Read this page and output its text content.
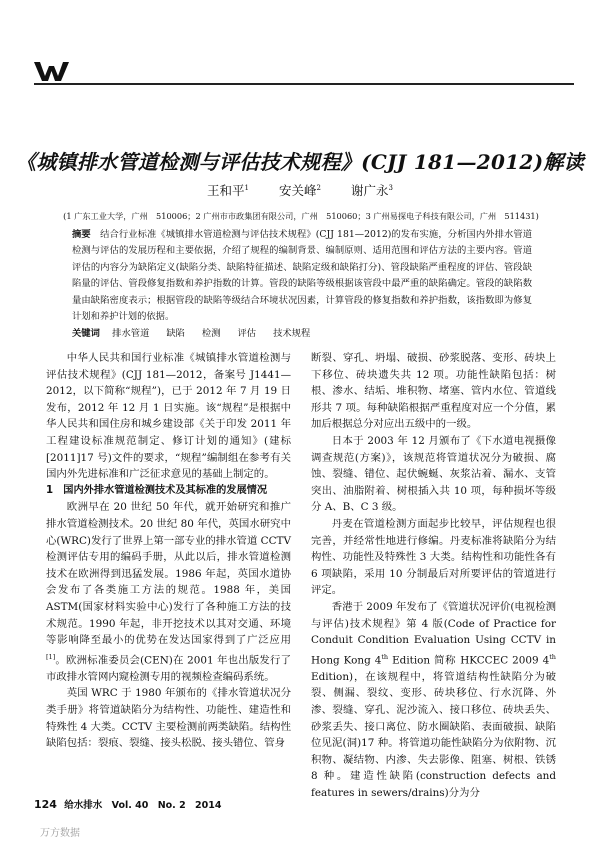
《城镇排水管道检测与评估技术规程》(CJJ 181—2012)解读
王和平$^1$ 安关峰$^2$ 谢广永$^3$
(1 广东工业大学，广州　510006；2 广州市市政集团有限公司，广州　510060；3 广州易探电子科技有限公司，广州　511431)
摘要　 结合行业标准《城镇排水管道检测与评估技术规程》(CJJ 181—2012)的发布实施，分析国内外排水管道检测与评估的发展历程和主要依据，介绍了规程的编制背景、编制原则、适用范围和评估方法的主要内容。管道评估的内容分为缺陷定义(缺陷分类、缺陷特征描述、缺陷定级和缺陷打分)、管段缺陷严重程度的评估、管段缺陷量的评估、管段修复指数和养护指数的计算。管段的缺陷等级根据该管段中最严重的缺陷确定。管段的缺陷数量由缺陷密度表示；根据管段的缺陷等级结合环境状况因素，计算管段的修复指数和养护指数，该指数即为修复计划和养护计划的依据。
关键词　 排水管道 缺陷 检测 评估 技术规程

中华人民共和国行业标准《城镇排水管道检测与评估技术规程》(CJJ 181—2012，备案号 J1441—2012，以下简称“规程”)，已于 2012 年 7 月 19 日发布，2012 年 12 月 1 日实施。该“规程”是根据中华人民共和国住房和城乡建设部《关于印发 2011 年工程建设标准规范制定、修订计划的通知》(建标[2011]17 号)文件的要求，“规程”编制组在参考有关国内外先进标准和广泛征求意见的基础上制定的。

1　国内外排水管道检测技术及其标准的发展情况

欧洲早在 20 世纪 50 年代，就开始研究和推广排水管道检测技术。20 世纪 80 年代，英国水研究中心(WRC)发行了世界上第一部专业的排水管道 CCTV 检测评估专用的编码手册，从此以后，排水管道检测技术在欧洲得到迅猛发展。1986 年起，英国水道协会发布了各类施工方法的规范。1988 年，美国 ASTM(国家材料实验中心)发行了各种施工方法的技术规范。1990 年起，非开挖技术以其对交通、环境等影响降至最小的优势在发达国家得到了广泛应用[1]。欧洲标准委员会(CEN)在 2001 年也出版发行了市政排水管网内窥检测专用的视频检查编码系统。

英国 WRC 于 1980 年颁布的《排水管道状况分类手册》将管道缺陷分为结构性、功能性、建造性和特殊性 4 大类。CCTV 主要检测前两类缺陷。结构性缺陷包括：裂痕、裂缝、接头松脱、接头错位、管身

断裂、穿孔、坍塌、破损、砂浆脱落、变形、砖块上下移位、砖块遗失共 12 项。功能性缺陷包括：树根、渗水、结垢、堆积物、堵塞、管内水位、管道线形共 7 项。每种缺陷根据严重程度对应一个分值，累加后根据总分对应出五级中的一级。

日本于 2003 年 12 月颁布了《下水道电视摄像调查规范(方案)》，该规范将管道状况分为破损、腐蚀、裂缝、错位、起伏蜿蜒、灰浆沾着、漏水、支管突出、油脂附着、树根插入共 10 项，每种损坏等级分 A、B、C 3 级。

丹麦在管道检测方面起步比较早，评估规程也很完善，并经常性地进行修编。丹麦标准将缺陷分为结构性、功能性及特殊性 3 大类。结构性和功能性各有 6 项缺陷，采用 10 分制最后对所要评估的管道进行评定。

香港于 2009 年发布了《管道状况评价(电视检测与评估)技术规程》第 4 版(Code of Practice for Conduit Condition Evaluation Using CCTV in Hong Kong 4th Edition 简称 HKCCEC 2009 4th Edition)，在该规程中，将管道结构性缺陷分为破裂、侧漏、裂纹、变形、砖块移位、行水沉降、外渗、裂缝、穿孔、泥沙流入、接口移位、砖块丢失、砂浆丢失、接口离位、防水圈缺陷、表面破损、缺陷位见泥(洞)17 种。将管道功能性缺陷分为依附物、沉积物、凝结物、内渗、失去影像、阻塞、树根、铁锈 8 种。建造性缺陷(construction defects and features in sewers/drains)分为分

124 给水排水 Vol. 40 No. 2 2014
万方数据
